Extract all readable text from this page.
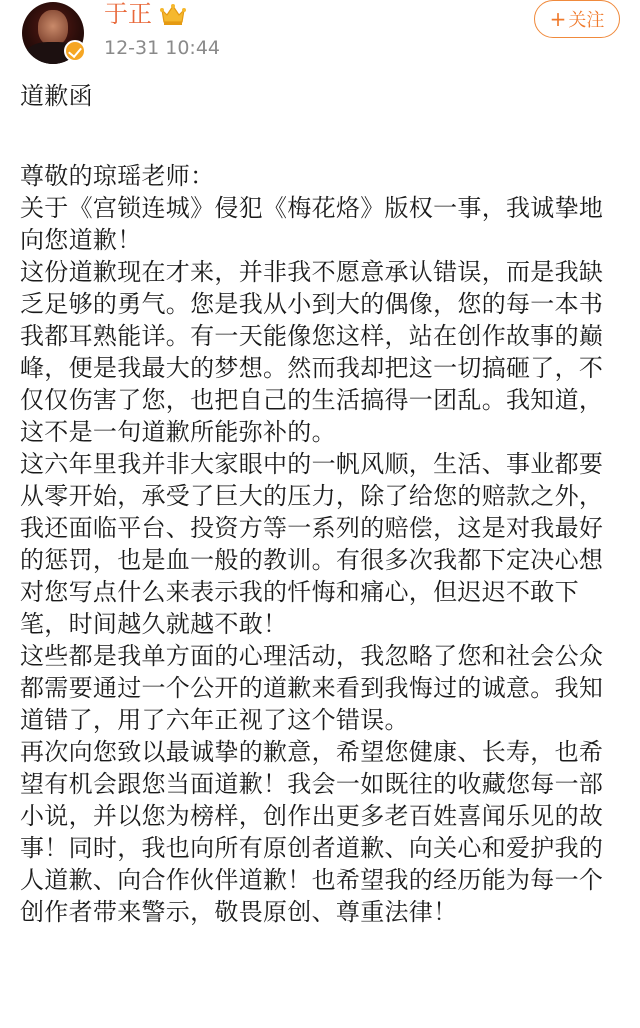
于正
12-31 10:44
+ 关注

道歉函

尊敬的琼瑶老师：

关于《宫锁连城》侵犯《梅花烙》版权一事，我诚挚地向您道歉！

这份道歉现在才来，并非我不愿意承认错误，而是我缺乏足够的勇气。您是我从小到大的偶像，您的每一本书我都耳熟能详。有一天能像您这样，站在创作故事的巅峰，便是我最大的梦想。然而我却把这一切搞砸了，不仅仅伤害了您，也把自己的生活搞得一团乱。我知道，这不是一句道歉所能弥补的。

这六年里我并非大家眼中的一帆风顺，生活、事业都要从零开始，承受了巨大的压力，除了给您的赔款之外，我还面临平台、投资方等一系列的赔偿，这是对我最好的惩罚，也是血一般的教训。有很多次我都下定决心想对您写点什么来表示我的忏悔和痛心，但迟迟不敢下笔，时间越久就越不敢！

这些都是我单方面的心理活动，我忽略了您和社会公众都需要通过一个公开的道歉来看到我悔过的诚意。我知道错了，用了六年正视了这个错误。

再次向您致以最诚挚的歉意，希望您健康、长寿，也希望有机会跟您当面道歉！我会一如既往的收藏您每一部小说，并以您为榜样，创作出更多老百姓喜闻乐见的故事！同时，我也向所有原创者道歉、向关心和爱护我的人道歉、向合作伙伴道歉！也希望我的经历能为每一个创作者带来警示，敬畏原创、尊重法律！
